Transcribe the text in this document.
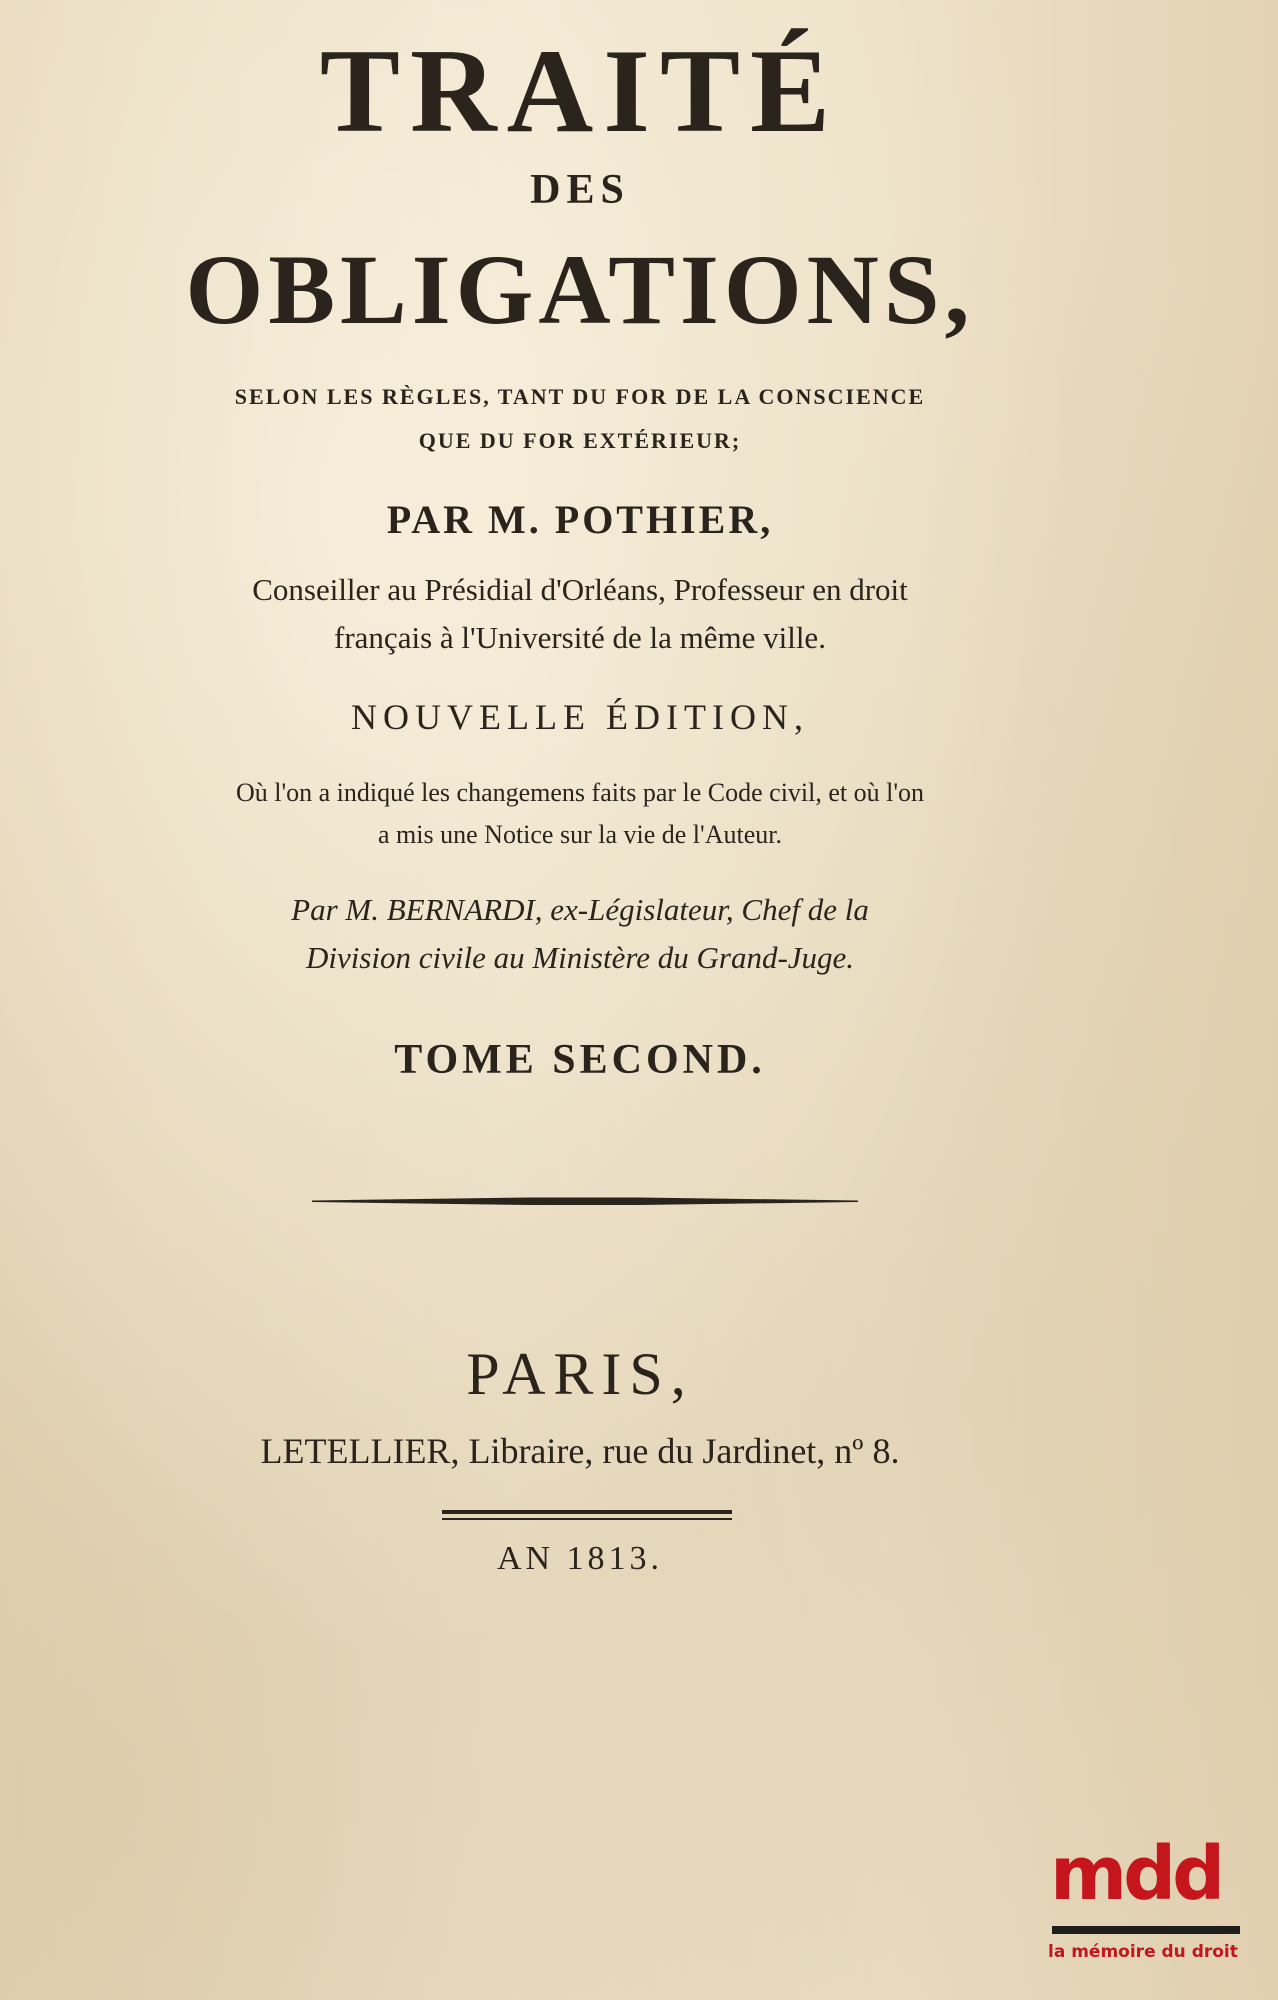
TRAITÉ
DES
OBLIGATIONS,
SELON LES RÈGLES, TANT DU FOR DE LA CONSCIENCE
QUE DU FOR EXTÉRIEUR;
PAR M. POTHIER,
Conseiller au Présidial d'Orléans, Professeur en droit
français à l'Université de la même ville.
NOUVELLE ÉDITION,
Où l'on a indiqué les changemens faits par le Code civil, et où l'on
a mis une Notice sur la vie de l'Auteur.
Par M. BERNARDI, ex-Législateur, Chef de la
Division civile au Ministère du Grand-Juge.
TOME SECOND.
PARIS,
LETELLIER, Libraire, rue du Jardinet, nº 8.
AN 1813.
mdd
la mémoire du droit
